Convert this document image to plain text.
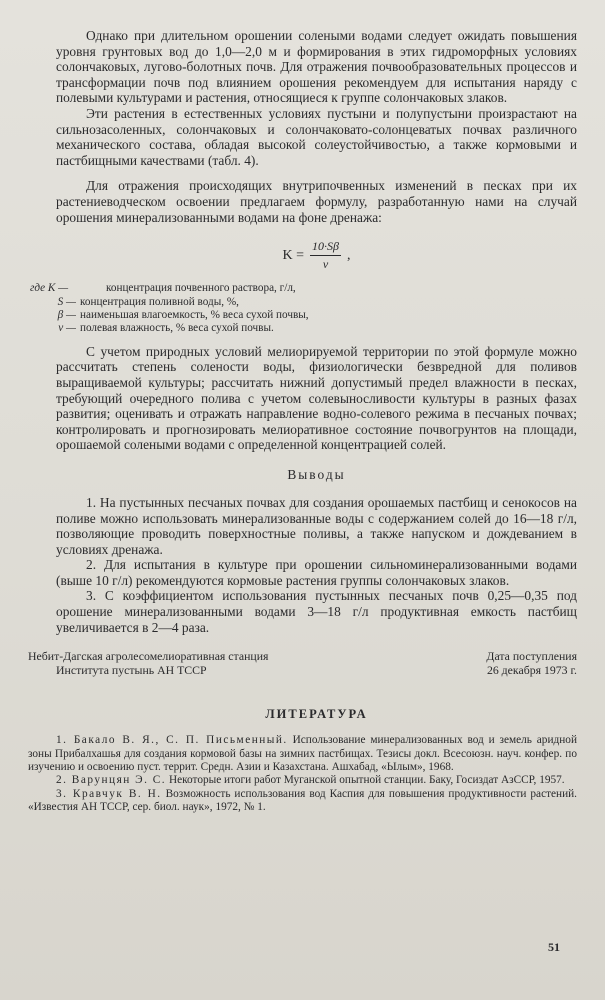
Однако при длительном орошении солеными водами следует ожидать повышения уровня грунтовых вод до 1,0—2,0 м и формирования в этих гидроморфных условиях солончаковых, лугово-болотных почв. Для отражения почвообразовательных процессов и трансформации почв под влиянием орошения рекомендуем для испытания наряду с полевыми культурами и растения, относящиеся к группе солончаковых злаков.

Эти растения в естественных условиях пустыни и полупустыни произрастают на сильнозасоленных, солончаковых и солончаковато-солонцеватых почвах различного механического состава, обладая высокой солеустойчивостью, а также кормовыми и пастбищными качествами (табл. 4).

Для отражения происходящих внутрипочвенных изменений в песках при их растениеводческом освоении предлагаем формулу, разработанную нами на случай орошения минерализованными водами на фоне дренажа:

$K = \frac{10\cdot S\beta}{v}$ ,
где K —	концентрация почвенного раствора, г/л,
S — концентрация поливной воды, %,
β — наименьшая влагоемкость, % веса сухой почвы,
v — полевая влажность, % веса сухой почвы.

С учетом природных условий мелиорируемой территории по этой формуле можно рассчитать степень солености воды, физиологически безвредной для поливов выращиваемой культуры; рассчитать нижний допустимый предел влажности в песках, требующий очередного полива с учетом солевыносливости культуры в разных фазах развития; оценивать и отражать направление водно-солевого режима в песчаных почвах; контролировать и прогнозировать мелиоративное состояние почвогрунтов на площади, орошаемой солеными водами с определенной концентрацией солей.

Выводы

1. На пустынных песчаных почвах для создания орошаемых пастбищ и сенокосов на поливе можно использовать минерализованные воды с содержанием солей до 16—18 г/л, позволяющие проводить поверхностные поливы, а также напуском и дождеванием в условиях дренажа.

2. Для испытания в культуре при орошении сильноминерализованными водами (выше 10 г/л) рекомендуются кормовые растения группы солончаковых злаков.

3. С коэффициентом использования пустынных песчаных почв 0,25—0,35 под орошение минерализованными водами 3—18 г/л продуктивная емкость пастбищ увеличивается в 2—4 раза.

Небит-Дагская агролесомелиоративная станция
Института пустынь АН ТССР
Дата поступления
26 декабря 1973 г.
ЛИТЕРАТУРА

1. Бакало В. Я., С. П. Письменный. Использование минерализованных вод и земель аридной зоны Прибалхашья для создания кормовой базы на зимних пастбищах. Тезисы докл. Всесоюзн. науч. конфер. по изучению и освоению пуст. террит. Средн. Азии и Казахстана. Ашхабад, «Ылым», 1968.

2. Варунцян Э. С. Некоторые итоги работ Муганской опытной станции. Баку, Госиздат АзССР, 1957.

3. Кравчук В. Н. Возможность использования вод Каспия для повышения продуктивности растений. «Известия АН ТССР, сер. биол. наук», 1972, № 1.

51
